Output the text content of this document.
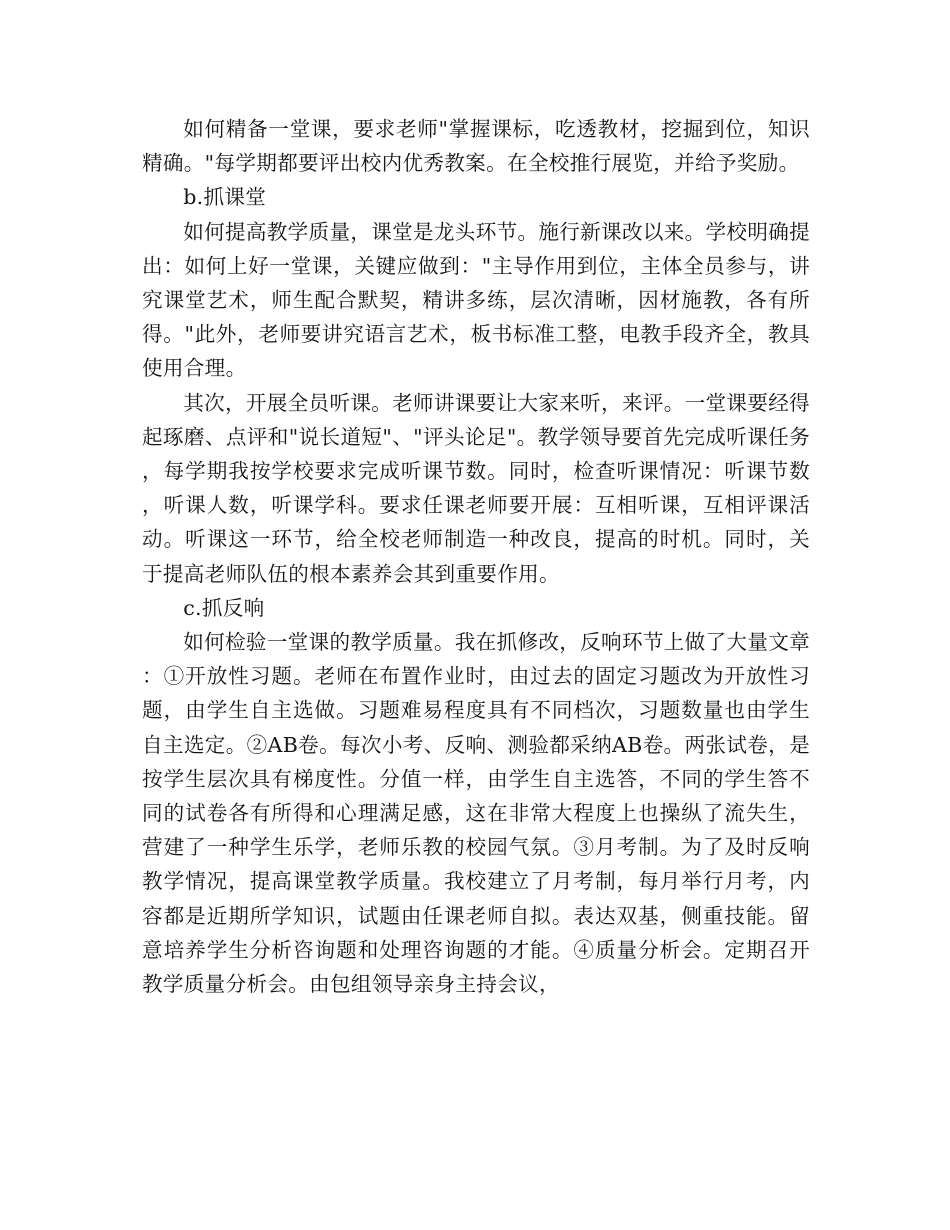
如何精备一堂课，要求老师"掌握课标，吃透教材，挖掘到位，知识精确。"每学期都要评出校内优秀教案。在全校推行展览，并给予奖励。

b.抓课堂

如何提高教学质量，课堂是龙头环节。施行新课改以来。学校明确提出：如何上好一堂课，关键应做到："主导作用到位，主体全员参与，讲究课堂艺术，师生配合默契，精讲多练，层次清晰，因材施教，各有所得。"此外，老师要讲究语言艺术，板书标准工整，电教手段齐全，教具使用合理。

其次，开展全员听课。老师讲课要让大家来听，来评。一堂课要经得起琢磨、点评和"说长道短"、"评头论足"。教学领导要首先完成听课任务，每学期我按学校要求完成听课节数。同时，检查听课情况：听课节数，听课人数，听课学科。要求任课老师要开展：互相听课，互相评课活动。听课这一环节，给全校老师制造一种改良，提高的时机。同时，关于提高老师队伍的根本素养会其到重要作用。

c.抓反响

如何检验一堂课的教学质量。我在抓修改，反响环节上做了大量文章：①开放性习题。老师在布置作业时，由过去的固定习题改为开放性习题，由学生自主选做。习题难易程度具有不同档次，习题数量也由学生自主选定。②AB卷。每次小考、反响、测验都采纳AB卷。两张试卷，是按学生层次具有梯度性。分值一样，由学生自主选答，不同的学生答不同的试卷各有所得和心理满足感，这在非常大程度上也操纵了流失生，营建了一种学生乐学，老师乐教的校园气氛。③月考制。为了及时反响教学情况，提高课堂教学质量。我校建立了月考制，每月举行月考，内容都是近期所学知识，试题由任课老师自拟。表达双基，侧重技能。留意培养学生分析咨询题和处理咨询题的才能。④质量分析会。定期召开教学质量分析会。由包组领导亲身主持会议，
